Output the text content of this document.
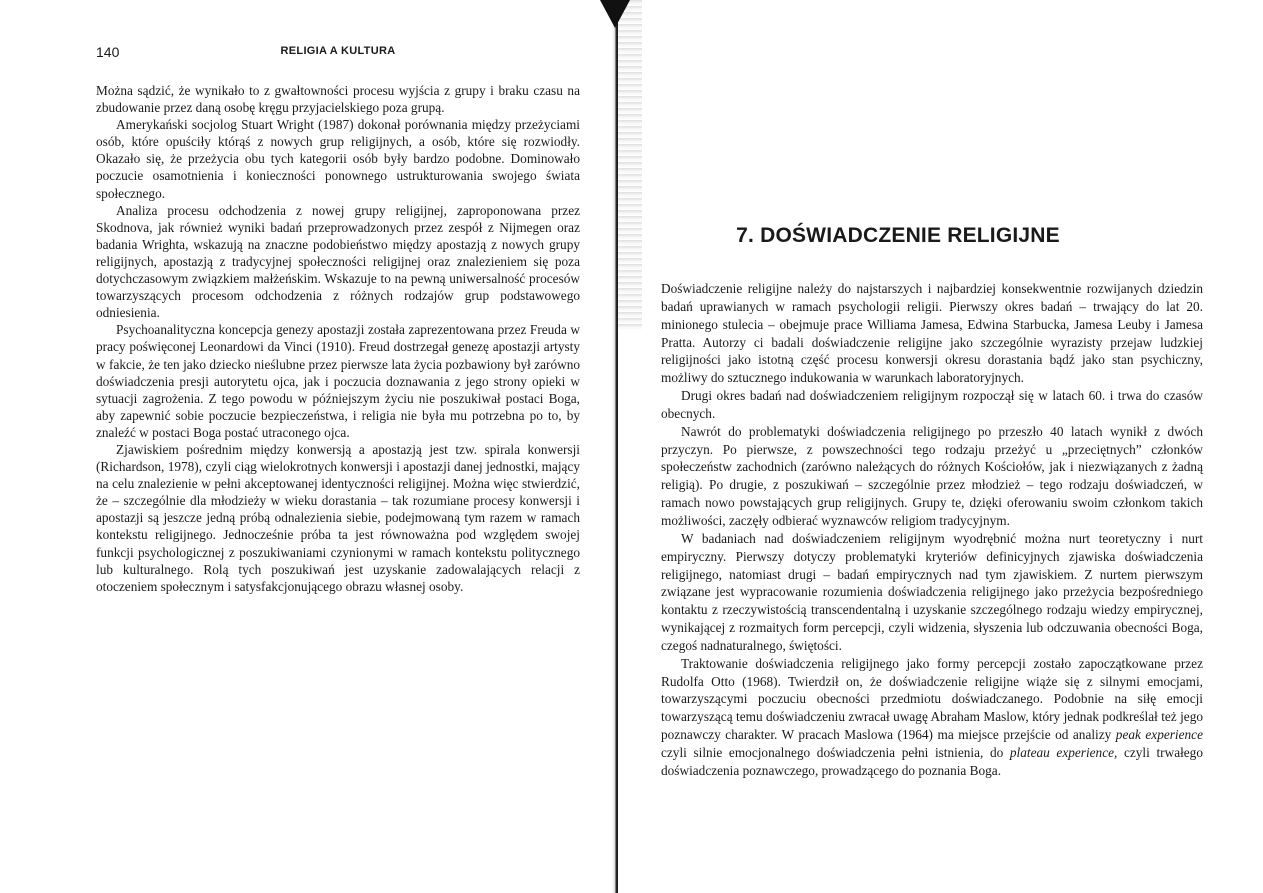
140	RELIGIA A KULTURA

Można sądzić, że wynikało to z gwałtowności procesu wyjścia z grupy i braku czasu na zbudowanie przez daną osobę kręgu przyjacielskiego poza grupą.

Amerykański socjolog Stuart Wright (1987) dokonał porównania między przeżyciami osób, które opuściły którąś z nowych grup religijnych, a osób, które się rozwiodły. Okazało się, że przeżycia obu tych kategorii osób były bardzo podobne. Dominowało poczucie osamotnienia i konieczności ponownego ustrukturowania swojego świata społecznego.

Analiza procesu odchodzenia z nowej grupy religijnej, zaproponowana przez Skodnova, jak również wyniki badań przeprowadzonych przez zespół z Nijmegen oraz badania Wrighta, wskazują na znaczne podobieństwo między apostazją z nowych grupy religijnych, apostazją z tradycyjnej społeczności religijnej oraz znalezieniem się poza dotychczasowym związkiem małżeńskim. Wskazuje to na pewną uniwersalność procesów towarzyszących procesom odchodzenia z różnych rodzajów grup podstawowego odniesienia.

Psychoanalityczna koncepcja genezy apostazji została zaprezentowana przez Freuda w pracy poświęconej Leonardowi da Vinci (1910). Freud dostrzegał genezę apostazji artysty w fakcie, że ten jako dziecko nieślubne przez pierwsze lata życia pozbawiony był zarówno doświadczenia presji autorytetu ojca, jak i poczucia doznawania z jego strony opieki w sytuacji zagrożenia. Z tego powodu w późniejszym życiu nie poszukiwał postaci Boga, aby zapewnić sobie poczucie bezpieczeństwa, i religia nie była mu potrzebna po to, by znaleźć w postaci Boga postać utraconego ojca.

Zjawiskiem pośrednim między konwersją a apostazją jest tzw. spirala konwersji (Richardson, 1978), czyli ciąg wielokrotnych konwersji i apostazji danej jednostki, mający na celu znalezienie w pełni akceptowanej identyczności religijnej. Można więc stwierdzić, że – szczególnie dla młodzieży w wieku dorastania – tak rozumiane procesy konwersji i apostazji są jeszcze jedną próbą odnalezienia siebie, podejmowaną tym razem w ramach kontekstu religijnego. Jednocześnie próba ta jest równoważna pod względem swojej funkcji psychologicznej z poszukiwaniami czynionymi w ramach kontekstu politycznego lub kulturalnego. Rolą tych poszukiwań jest uzyskanie zadowalających relacji z otoczeniem społecznym i satysfakcjonującego obrazu własnej osoby.

7. DOŚWIADCZENIE RELIGIJNE

Doświadczenie religijne należy do najstarszych i najbardziej konsekwentnie rozwijanych dziedzin badań uprawianych w ramach psychologii religii. Pierwszy okres badań – trwający do lat 20. minionego stulecia – obejmuje prace Williama Jamesa, Edwina Starbucka, Jamesa Leuby i Jamesa Pratta. Autorzy ci badali doświadczenie religijne jako szczególnie wyrazisty przejaw ludzkiej religijności jako istotną część procesu konwersji okresu dorastania bądź jako stan psychiczny, możliwy do sztucznego indukowania w warunkach laboratoryjnych.

Drugi okres badań nad doświadczeniem religijnym rozpoczął się w latach 60. i trwa do czasów obecnych.

Nawrót do problematyki doświadczenia religijnego po przeszło 40 latach wynikł z dwóch przyczyn. Po pierwsze, z powszechności tego rodzaju przeżyć u „przeciętnych” członków społeczeństw zachodnich (zarówno należących do różnych Kościołów, jak i niezwiązanych z żadną religią). Po drugie, z poszukiwań – szczególnie przez młodzież – tego rodzaju doświadczeń, w ramach nowo powstających grup religijnych. Grupy te, dzięki oferowaniu swoim członkom takich możliwości, zaczęły odbierać wyznawców religiom tradycyjnym.

W badaniach nad doświadczeniem religijnym wyodrębnić można nurt teoretyczny i nurt empiryczny. Pierwszy dotyczy problematyki kryteriów definicyjnych zjawiska doświadczenia religijnego, natomiast drugi – badań empirycznych nad tym zjawiskiem. Z nurtem pierwszym związane jest wypracowanie rozumienia doświadczenia religijnego jako przeżycia bezpośredniego kontaktu z rzeczywistością transcendentalną i uzyskanie szczególnego rodzaju wiedzy empirycznej, wynikającej z rozmaitych form percepcji, czyli widzenia, słyszenia lub odczuwania obecności Boga, czegoś nadnaturalnego, świętości.

Traktowanie doświadczenia religijnego jako formy percepcji zostało zapoczątkowane przez Rudolfa Otto (1968). Twierdził on, że doświadczenie religijne wiąże się z silnymi emocjami, towarzyszącymi poczuciu obecności przedmiotu doświadczanego. Podobnie na siłę emocji towarzyszącą temu doświadczeniu zwracał uwagę Abraham Maslow, który jednak podkreślał też jego poznawczy charakter. W pracach Maslowa (1964) ma miejsce przejście od analizy peak experience czyli silnie emocjonalnego doświadczenia pełni istnienia, do plateau experience, czyli trwałego doświadczenia poznawczego, prowadzącego do poznania Boga.
